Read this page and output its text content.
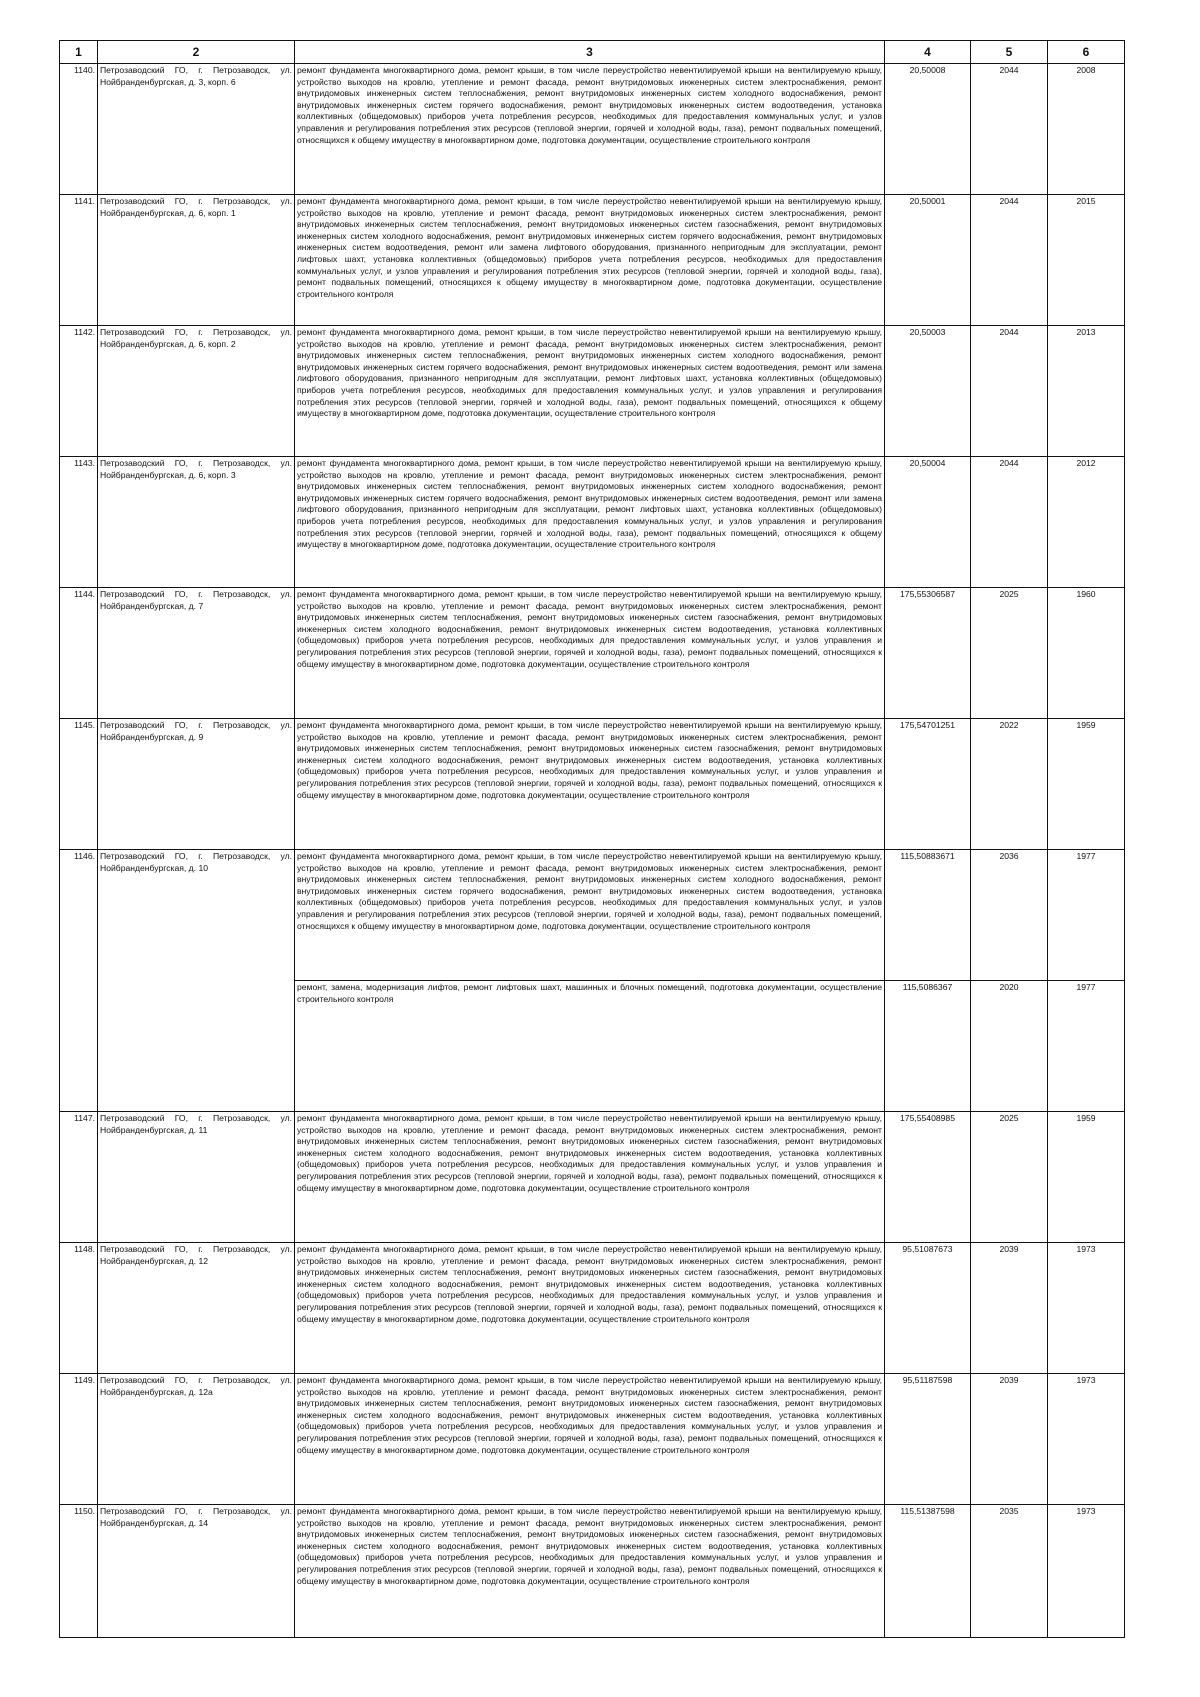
1	2	3	4	5	6
1140.	Петрозаводский ГО, г. Петрозаводск, ул. Нойбранденбургская, д. 3, корп. 6	ремонт фундамента многоквартирного дома, ремонт крыши, в том числе переустройство невентилируемой крыши на вентилируемую крышу, устройство выходов на кровлю, утепление и ремонт фасада, ремонт внутридомовых инженерных систем электроснабжения, ремонт внутридомовых инженерных систем теплоснабжения, ремонт внутридомовых инженерных систем холодного водоснабжения, ремонт внутридомовых инженерных систем горячего водоснабжения, ремонт внутридомовых инженерных систем водоотведения, установка коллективных (общедомовых) приборов учета потребления ресурсов, необходимых для предоставления коммунальных услуг, и узлов управления и регулирования потребления этих ресурсов (тепловой энергии, горячей и холодной воды, газа), ремонт подвальных помещений, относящихся к общему имуществу в многоквартирном доме, подготовка документации, осуществление строительного контроля	20,50008	2044	2008
1141.	Петрозаводский ГО, г. Петрозаводск, ул. Нойбранденбургская, д. 6, корп. 1	ремонт фундамента многоквартирного дома, ремонт крыши, в том числе переустройство невентилируемой крыши на вентилируемую крышу, устройство выходов на кровлю, утепление и ремонт фасада, ремонт внутридомовых инженерных систем электроснабжения, ремонт внутридомовых инженерных систем теплоснабжения, ремонт внутридомовых инженерных систем газоснабжения, ремонт внутридомовых инженерных систем холодного водоснабжения, ремонт внутридомовых инженерных систем горячего водоснабжения, ремонт внутридомовых инженерных систем водоотведения, ремонт или замена лифтового оборудования, признанного непригодным для эксплуатации, ремонт лифтовых шахт, установка коллективных (общедомовых) приборов учета потребления ресурсов, необходимых для предоставления коммунальных услуг, и узлов управления и регулирования потребления этих ресурсов (тепловой энергии, горячей и холодной воды, газа), ремонт подвальных помещений, относящихся к общему имуществу в многоквартирном доме, подготовка документации, осуществление строительного контроля	20,50001	2044	2015
1142.	Петрозаводский ГО, г. Петрозаводск, ул. Нойбранденбургская, д. 6, корп. 2	ремонт фундамента многоквартирного дома, ремонт крыши, в том числе переустройство невентилируемой крыши на вентилируемую крышу, устройство выходов на кровлю, утепление и ремонт фасада, ремонт внутридомовых инженерных систем электроснабжения, ремонт внутридомовых инженерных систем теплоснабжения, ремонт внутридомовых инженерных систем холодного водоснабжения, ремонт внутридомовых инженерных систем горячего водоснабжения, ремонт внутридомовых инженерных систем водоотведения, ремонт или замена лифтового оборудования, признанного непригодным для эксплуатации, ремонт лифтовых шахт, установка коллективных (общедомовых) приборов учета потребления ресурсов, необходимых для предоставления коммунальных услуг, и узлов управления и регулирования потребления этих ресурсов (тепловой энергии, горячей и холодной воды, газа), ремонт подвальных помещений, относящихся к общему имуществу в многоквартирном доме, подготовка документации, осуществление строительного контроля	20,50003	2044	2013
1143.	Петрозаводский ГО, г. Петрозаводск, ул. Нойбранденбургская, д. 6, корп. 3	ремонт фундамента многоквартирного дома, ремонт крыши, в том числе переустройство невентилируемой крыши на вентилируемую крышу, устройство выходов на кровлю, утепление и ремонт фасада, ремонт внутридомовых инженерных систем электроснабжения, ремонт внутридомовых инженерных систем теплоснабжения, ремонт внутридомовых инженерных систем холодного водоснабжения, ремонт внутридомовых инженерных систем горячего водоснабжения, ремонт внутридомовых инженерных систем водоотведения, ремонт или замена лифтового оборудования, признанного непригодным для эксплуатации, ремонт лифтовых шахт, установка коллективных (общедомовых) приборов учета потребления ресурсов, необходимых для предоставления коммунальных услуг, и узлов управления и регулирования потребления этих ресурсов (тепловой энергии, горячей и холодной воды, газа), ремонт подвальных помещений, относящихся к общему имуществу в многоквартирном доме, подготовка документации, осуществление строительного контроля	20,50004	2044	2012
1144.	Петрозаводский ГО, г. Петрозаводск, ул. Нойбранденбургская, д. 7	ремонт фундамента многоквартирного дома, ремонт крыши, в том числе переустройство невентилируемой крыши на вентилируемую крышу, устройство выходов на кровлю, утепление и ремонт фасада, ремонт внутридомовых инженерных систем электроснабжения, ремонт внутридомовых инженерных систем теплоснабжения, ремонт внутридомовых инженерных систем газоснабжения, ремонт внутридомовых инженерных систем холодного водоснабжения, ремонт внутридомовых инженерных систем водоотведения, установка коллективных (общедомовых) приборов учета потребления ресурсов, необходимых для предоставления коммунальных услуг, и узлов управления и регулирования потребления этих ресурсов (тепловой энергии, горячей и холодной воды, газа), ремонт подвальных помещений, относящихся к общему имуществу в многоквартирном доме, подготовка документации, осуществление строительного контроля	175,55306587	2025	1960
1145.	Петрозаводский ГО, г. Петрозаводск, ул. Нойбранденбургская, д. 9	ремонт фундамента многоквартирного дома, ремонт крыши, в том числе переустройство невентилируемой крыши на вентилируемую крышу, устройство выходов на кровлю, утепление и ремонт фасада, ремонт внутридомовых инженерных систем электроснабжения, ремонт внутридомовых инженерных систем теплоснабжения, ремонт внутридомовых инженерных систем газоснабжения, ремонт внутридомовых инженерных систем холодного водоснабжения, ремонт внутридомовых инженерных систем водоотведения, установка коллективных (общедомовых) приборов учета потребления ресурсов, необходимых для предоставления коммунальных услуг, и узлов управления и регулирования потребления этих ресурсов (тепловой энергии, горячей и холодной воды, газа), ремонт подвальных помещений, относящихся к общему имуществу в многоквартирном доме, подготовка документации, осуществление строительного контроля	175,54701251	2022	1959
1146.	Петрозаводский ГО, г. Петрозаводск, ул. Нойбранденбургская, д. 10	ремонт фундамента многоквартирного дома, ремонт крыши, в том числе переустройство невентилируемой крыши на вентилируемую крышу, устройство выходов на кровлю, утепление и ремонт фасада, ремонт внутридомовых инженерных систем электроснабжения, ремонт внутридомовых инженерных систем теплоснабжения, ремонт внутридомовых инженерных систем холодного водоснабжения, ремонт внутридомовых инженерных систем горячего водоснабжения, ремонт внутридомовых инженерных систем водоотведения, установка коллективных (общедомовых) приборов учета потребления ресурсов, необходимых для предоставления коммунальных услуг, и узлов управления и регулирования потребления этих ресурсов (тепловой энергии, горячей и холодной воды, газа), ремонт подвальных помещений, относящихся к общему имуществу в многоквартирном доме, подготовка документации, осуществление строительного контроля	115,50883671	2036	1977
		ремонт, замена, модернизация лифтов, ремонт лифтовых шахт, машинных и блочных помещений, подготовка документации, осуществление строительного контроля	115,5086367	2020	1977
1147.	Петрозаводский ГО, г. Петрозаводск, ул. Нойбранденбургская, д. 11	ремонт фундамента многоквартирного дома, ремонт крыши, в том числе переустройство невентилируемой крыши на вентилируемую крышу, устройство выходов на кровлю, утепление и ремонт фасада, ремонт внутридомовых инженерных систем электроснабжения, ремонт внутридомовых инженерных систем теплоснабжения, ремонт внутридомовых инженерных систем газоснабжения, ремонт внутридомовых инженерных систем холодного водоснабжения, ремонт внутридомовых инженерных систем водоотведения, установка коллективных (общедомовых) приборов учета потребления ресурсов, необходимых для предоставления коммунальных услуг, и узлов управления и регулирования потребления этих ресурсов (тепловой энергии, горячей и холодной воды, газа), ремонт подвальных помещений, относящихся к общему имуществу в многоквартирном доме, подготовка документации, осуществление строительного контроля	175,55408985	2025	1959
1148.	Петрозаводский ГО, г. Петрозаводск, ул. Нойбранденбургская, д. 12	ремонт фундамента многоквартирного дома, ремонт крыши, в том числе переустройство невентилируемой крыши на вентилируемую крышу, устройство выходов на кровлю, утепление и ремонт фасада, ремонт внутридомовых инженерных систем электроснабжения, ремонт внутридомовых инженерных систем теплоснабжения, ремонт внутридомовых инженерных систем газоснабжения, ремонт внутридомовых инженерных систем холодного водоснабжения, ремонт внутридомовых инженерных систем водоотведения, установка коллективных (общедомовых) приборов учета потребления ресурсов, необходимых для предоставления коммунальных услуг, и узлов управления и регулирования потребления этих ресурсов (тепловой энергии, горячей и холодной воды, газа), ремонт подвальных помещений, относящихся к общему имуществу в многоквартирном доме, подготовка документации, осуществление строительного контроля	95,51087673	2039	1973
1149.	Петрозаводский ГО, г. Петрозаводск, ул. Нойбранденбургская, д. 12а	ремонт фундамента многоквартирного дома, ремонт крыши, в том числе переустройство невентилируемой крыши на вентилируемую крышу, устройство выходов на кровлю, утепление и ремонт фасада, ремонт внутридомовых инженерных систем электроснабжения, ремонт внутридомовых инженерных систем теплоснабжения, ремонт внутридомовых инженерных систем газоснабжения, ремонт внутридомовых инженерных систем холодного водоснабжения, ремонт внутридомовых инженерных систем водоотведения, установка коллективных (общедомовых) приборов учета потребления ресурсов, необходимых для предоставления коммунальных услуг, и узлов управления и регулирования потребления этих ресурсов (тепловой энергии, горячей и холодной воды, газа), ремонт подвальных помещений, относящихся к общему имуществу в многоквартирном доме, подготовка документации, осуществление строительного контроля	95,51187598	2039	1973
1150.	Петрозаводский ГО, г. Петрозаводск, ул. Нойбранденбургская, д. 14	ремонт фундамента многоквартирного дома, ремонт крыши, в том числе переустройство невентилируемой крыши на вентилируемую крышу, устройство выходов на кровлю, утепление и ремонт фасада, ремонт внутридомовых инженерных систем электроснабжения, ремонт внутридомовых инженерных систем теплоснабжения, ремонт внутридомовых инженерных систем газоснабжения, ремонт внутридомовых инженерных систем холодного водоснабжения, ремонт внутридомовых инженерных систем водоотведения, установка коллективных (общедомовых) приборов учета потребления ресурсов, необходимых для предоставления коммунальных услуг, и узлов управления и регулирования потребления этих ресурсов (тепловой энергии, горячей и холодной воды, газа), ремонт подвальных помещений, относящихся к общему имуществу в многоквартирном доме, подготовка документации, осуществление строительного контроля	115,51387598	2035	1973
